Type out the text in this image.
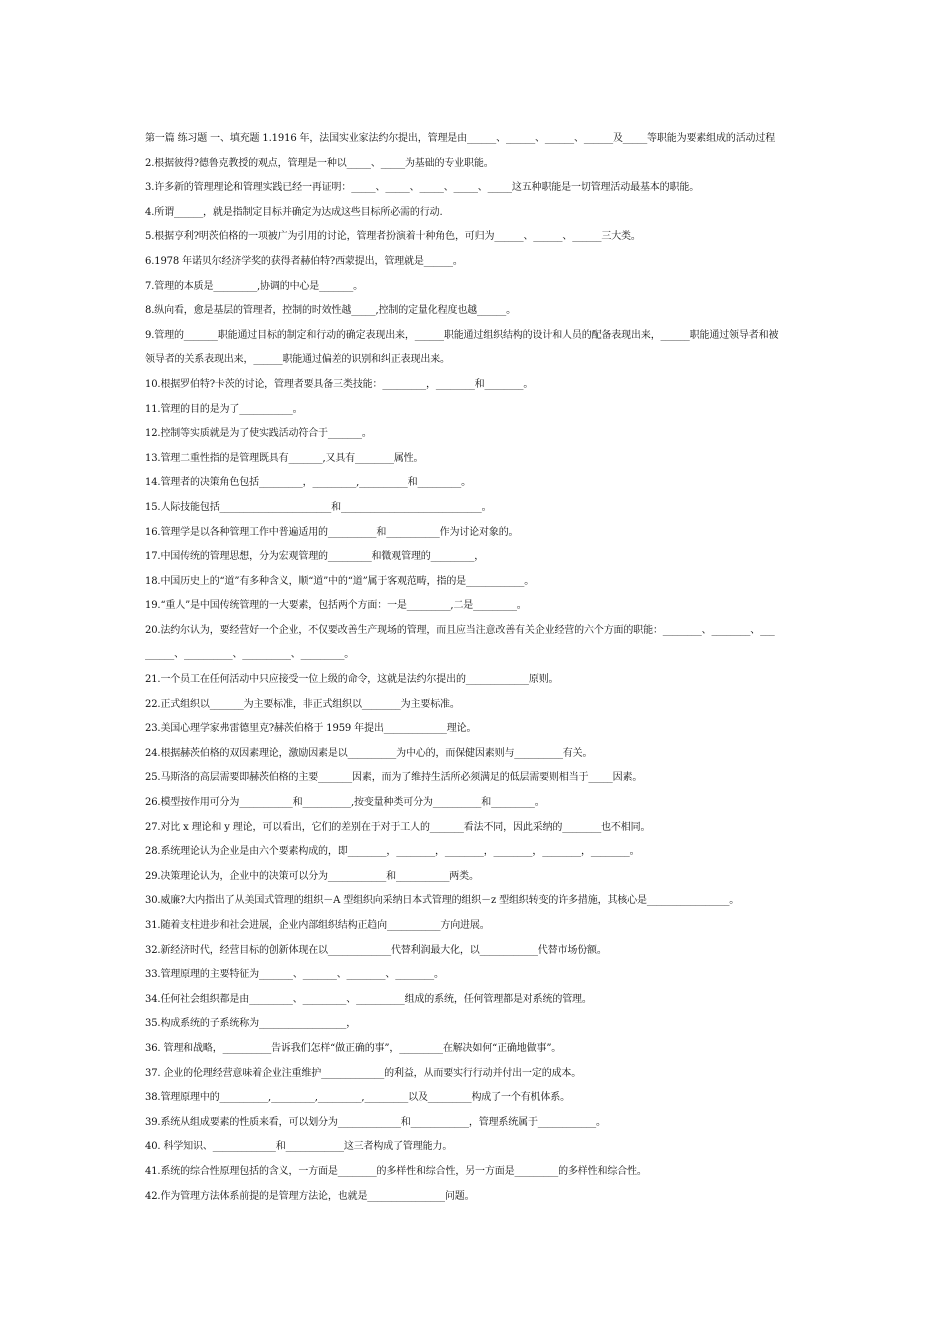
第一篇 练习题 一、填充题 1.1916 年，法国实业家法约尔提出，管理是由______、______、______、______及_____等职能为要素组成的活动过程
2.根据彼得?德鲁克教授的观点，管理是一种以_____、_____为基础的专业职能。
3.许多新的管理理论和管理实践已经一再证明：_____、_____、_____、_____、_____这五种职能是一切管理活动最基本的职能。
4.所谓______，就是指制定目标并确定为达成这些目标所必需的行动.
5.根据亨利?明茨伯格的一项被广为引用的讨论，管理者扮演着十种角色，可归为______、______、______三大类。
6.1978 年诺贝尔经济学奖的获得者赫伯特?西蒙提出，管理就是______。
7.管理的本质是_________,协调的中心是_______。
8.纵向看，愈是基层的管理者，控制的时效性越_____,控制的定量化程度也越______。
9.管理的_______职能通过目标的制定和行动的确定表现出来，______职能通过组织结构的设计和人员的配备表现出来，______职能通过领导者和被
领导者的关系表现出来，______职能通过偏差的识别和纠正表现出来。
10.根据罗伯特?卡茨的讨论，管理者要具备三类技能：_________，________和________。
11.管理的目的是为了___________。
12.控制等实质就是为了使实践活动符合于_______。
13.管理二重性指的是管理既具有_______,又具有________属性。
14.管理者的决策角色包括_________，_________,__________和_________。
15.人际技能包括_______________________和_____________________________。
16.管理学是以各种管理工作中普遍适用的__________和___________作为讨论对象的。
17.中国传统的管理思想，分为宏观管理的_________和微观管理的_________，
18.中国历史上的“道”有多种含义，顺“道”中的“道”属于客观范畴，指的是____________。
19.“重人”是中国传统管理的一大要素，包括两个方面：一是_________,二是_________。
20.法约尔认为，要经营好一个企业，不仅要改善生产现场的管理，而且应当注意改善有关企业经营的六个方面的职能：________、________、___
______、__________、__________、_________。
21.一个员工在任何活动中只应接受一位上级的命令，这就是法约尔提出的_____________原则。
22.正式组织以_______为主要标准，非正式组织以________为主要标准。
23.美国心理学家弗雷德里克?赫茨伯格于 1959 年提出_____________理论。
24.根据赫茨伯格的双因素理论，激励因素是以__________为中心的，而保健因素则与__________有关。
25.马斯洛的高层需要即赫茨伯格的主要_______因素，而为了维持生活所必须满足的低层需要则相当于_____因素。
26.模型按作用可分为___________和__________,按变量种类可分为__________和_________。
27.对比 x 理论和 y 理论，可以看出，它们的差别在于对于工人的_______看法不同，因此采纳的________也不相同。
28.系统理论认为企业是由六个要素构成的，即________，________，________，________，________，________。
29.决策理论认为，企业中的决策可以分为____________和___________两类。
30.威廉?大内指出了从美国式管理的组织－A 型组织向采纳日本式管理的组织－z 型组织转变的许多措施，其核心是_________________。
31.随着支柱进步和社会进展，企业内部组织结构正趋向___________方向进展。
32.新经济时代，经营目标的创新体现在以_____________代替利润最大化，以____________代替市场份额。
33.管理原理的主要特征为_______、_______、________、________。
34.任何社会组织都是由_________、_________、__________组成的系统，任何管理都是对系统的管理。
35.构成系统的子系统称为__________________，
36. 管理和战略，__________告诉我们怎样“做正确的事”，_________在解决如何“正确地做事”。
37. 企业的伦理经营意味着企业注重维护_____________的利益，从而要实行行动并付出一定的成本。
38.管理原理中的__________,_________,_________,_________以及_________构成了一个有机体系。
39.系统从组成要素的性质来看，可以划分为_____________和____________，管理系统属于____________。
40. 科学知识、_____________和____________这三者构成了管理能力。
41.系统的综合性原理包括的含义，一方面是________的多样性和综合性，另一方面是_________的多样性和综合性。
42.作为管理方法体系前提的是管理方法论，也就是________________问题。
